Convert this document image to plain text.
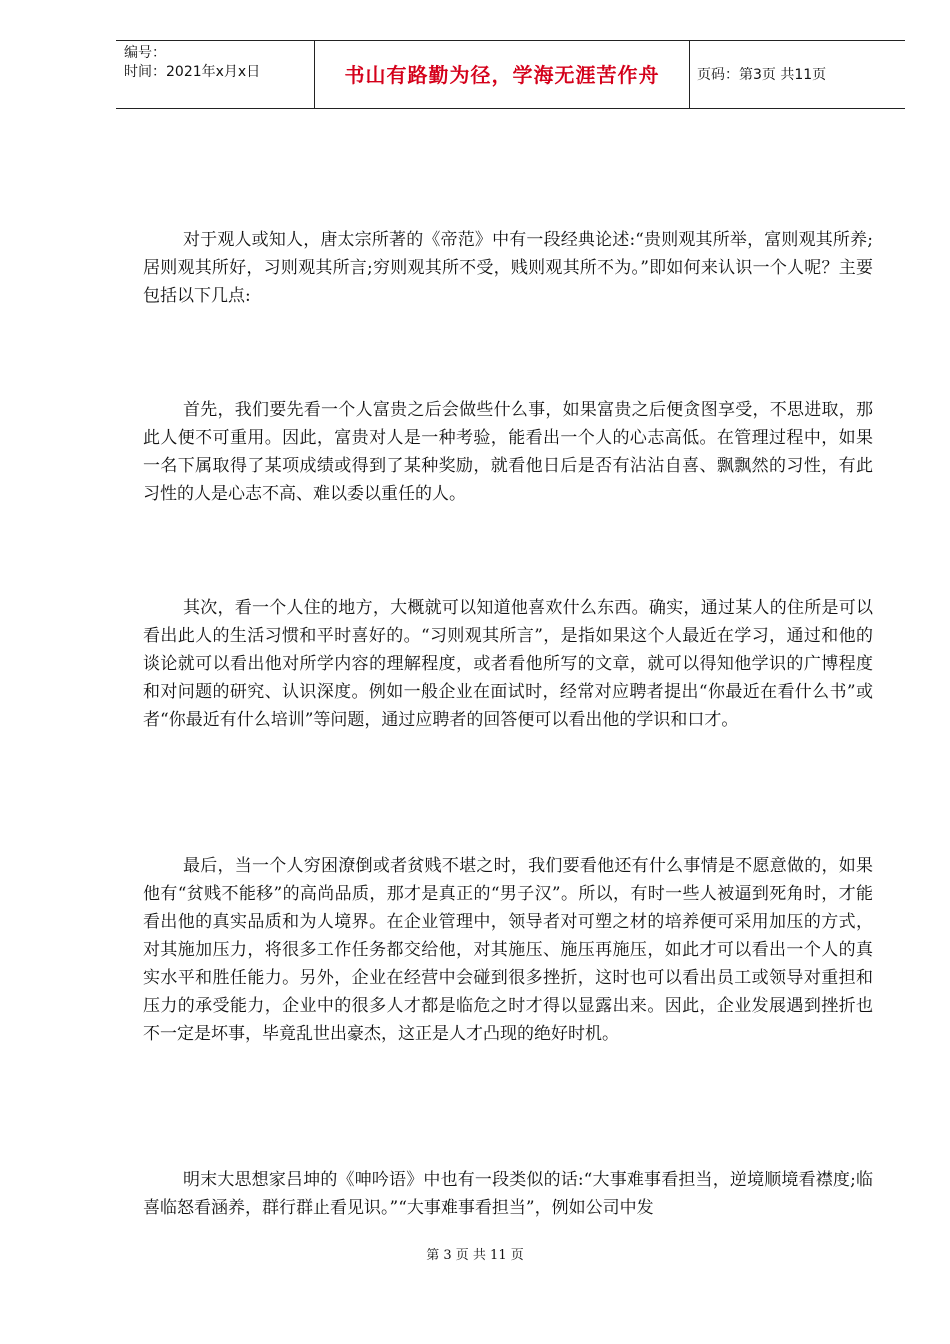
编号：
时间：2021年x月x日	书山有路勤为径，学海无涯苦作舟	页码：第3页 共11页

对于观人或知人，唐太宗所著的《帝范》中有一段经典论述:“贵则观其所举，富则观其所养;居则观其所好，习则观其所言;穷则观其所不受，贱则观其所不为。”即如何来认识一个人呢？主要包括以下几点:

首先，我们要先看一个人富贵之后会做些什么事，如果富贵之后便贪图享受，不思进取，那此人便不可重用。因此，富贵对人是一种考验，能看出一个人的心志高低。在管理过程中，如果一名下属取得了某项成绩或得到了某种奖励，就看他日后是否有沾沾自喜、飘飘然的习性，有此习性的人是心志不高、难以委以重任的人。

其次，看一个人住的地方，大概就可以知道他喜欢什么东西。确实，通过某人的住所是可以看出此人的生活习惯和平时喜好的。“习则观其所言”，是指如果这个人最近在学习，通过和他的谈论就可以看出他对所学内容的理解程度，或者看他所写的文章，就可以得知他学识的广博程度和对问题的研究、认识深度。例如一般企业在面试时，经常对应聘者提出“你最近在看什么书”或者“你最近有什么培训”等问题，通过应聘者的回答便可以看出他的学识和口才。

最后，当一个人穷困潦倒或者贫贱不堪之时，我们要看他还有什么事情是不愿意做的，如果他有“贫贱不能移”的高尚品质，那才是真正的“男子汉”。所以，有时一些人被逼到死角时，才能看出他的真实品质和为人境界。在企业管理中，领导者对可塑之材的培养便可采用加压的方式，对其施加压力，将很多工作任务都交给他，对其施压、施压再施压，如此才可以看出一个人的真实水平和胜任能力。另外，企业在经营中会碰到很多挫折，这时也可以看出员工或领导对重担和压力的承受能力，企业中的很多人才都是临危之时才得以显露出来。因此，企业发展遇到挫折也不一定是坏事，毕竟乱世出豪杰，这正是人才凸现的绝好时机。

明末大思想家吕坤的《呻吟语》中也有一段类似的话:“大事难事看担当，逆境顺境看襟度;临喜临怒看涵养，群行群止看见识。”“大事难事看担当”，例如公司中发

第 3 页 共 11 页
